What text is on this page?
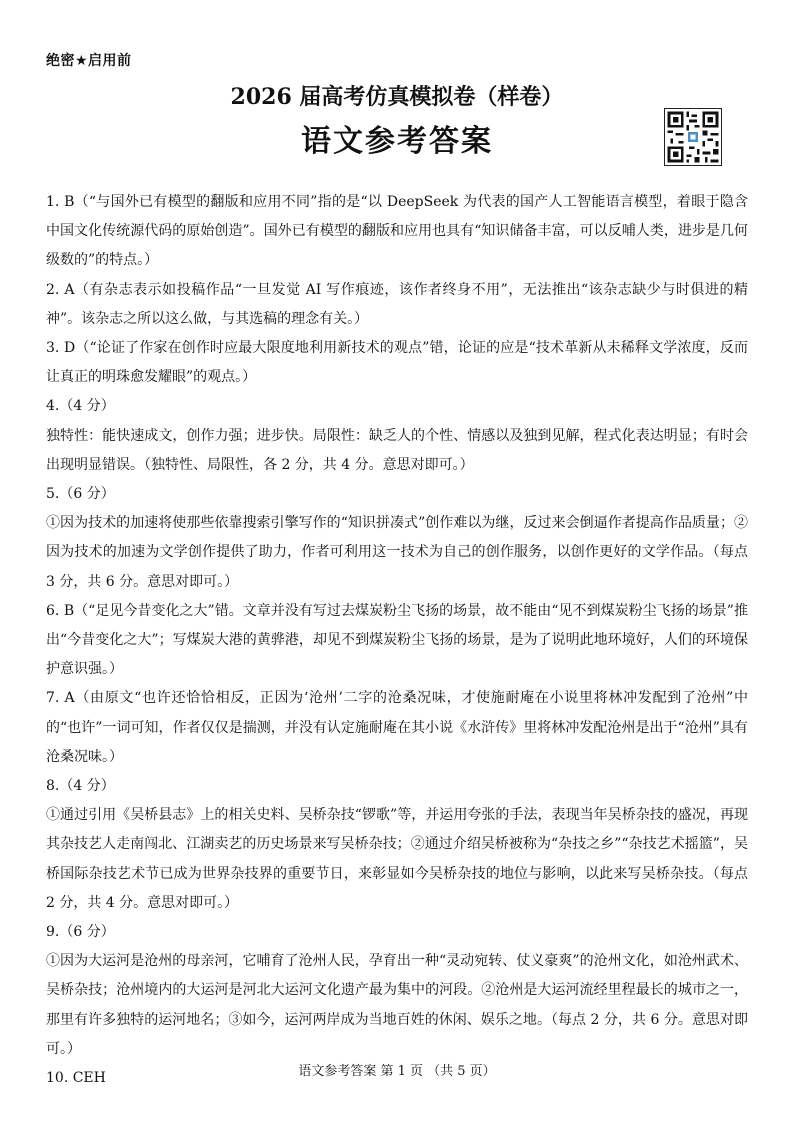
绝密★启用前
2026 届高考仿真模拟卷（样卷）
语文参考答案

1. B（“与国外已有模型的翻版和应用不同”指的是“以 DeepSeek 为代表的国产人工智能语言模型，着眼于隐含中国文化传统源代码的原始创造”。国外已有模型的翻版和应用也具有“知识储备丰富，可以反哺人类，进步是几何级数的”的特点。）

2. A（有杂志表示如投稿作品“一旦发觉 AI 写作痕迹，该作者终身不用”，无法推出“该杂志缺少与时俱进的精神”。该杂志之所以这么做，与其选稿的理念有关。）

3. D（“论证了作家在创作时应最大限度地利用新技术的观点”错，论证的应是“技术革新从未稀释文学浓度，反而让真正的明珠愈发耀眼”的观点。）

4.（4 分）

独特性：能快速成文，创作力强；进步快。局限性：缺乏人的个性、情感以及独到见解，程式化表达明显；有时会出现明显错误。（独特性、局限性，各 2 分，共 4 分。意思对即可。）

5.（6 分）

①因为技术的加速将使那些依靠搜索引擎写作的“知识拼凑式”创作难以为继，反过来会倒逼作者提高作品质量；②因为技术的加速为文学创作提供了助力，作者可利用这一技术为自己的创作服务，以创作更好的文学作品。（每点 3 分，共 6 分。意思对即可。）

6. B（“足见今昔变化之大”错。文章并没有写过去煤炭粉尘飞扬的场景，故不能由“见不到煤炭粉尘飞扬的场景”推出“今昔变化之大”；写煤炭大港的黄骅港，却见不到煤炭粉尘飞扬的场景，是为了说明此地环境好，人们的环境保护意识强。）

7. A（由原文“也许还恰恰相反，正因为‘沧州’二字的沧桑况味，才使施耐庵在小说里将林冲发配到了沧州”中的“也许”一词可知，作者仅仅是揣测，并没有认定施耐庵在其小说《水浒传》里将林冲发配沧州是出于“沧州”具有沧桑况味。）

8.（4 分）

①通过引用《吴桥县志》上的相关史料、吴桥杂技“锣歌”等，并运用夸张的手法，表现当年吴桥杂技的盛况，再现其杂技艺人走南闯北、江湖卖艺的历史场景来写吴桥杂技；②通过介绍吴桥被称为“杂技之乡”“杂技艺术摇篮”，吴桥国际杂技艺术节已成为世界杂技界的重要节日，来彰显如今吴桥杂技的地位与影响，以此来写吴桥杂技。（每点 2 分，共 4 分。意思对即可。）

9.（6 分）

①因为大运河是沧州的母亲河，它哺育了沧州人民，孕育出一种“灵动宛转、仗义豪爽”的沧州文化，如沧州武术、吴桥杂技；沧州境内的大运河是河北大运河文化遗产最为集中的河段。②沧州是大运河流经里程最长的城市之一，那里有许多独特的运河地名；③如今，运河两岸成为当地百姓的休闲、娱乐之地。（每点 2 分，共 6 分。意思对即可。）

10. CEH	语文参考答案 第 1 页 （共 5 页）
